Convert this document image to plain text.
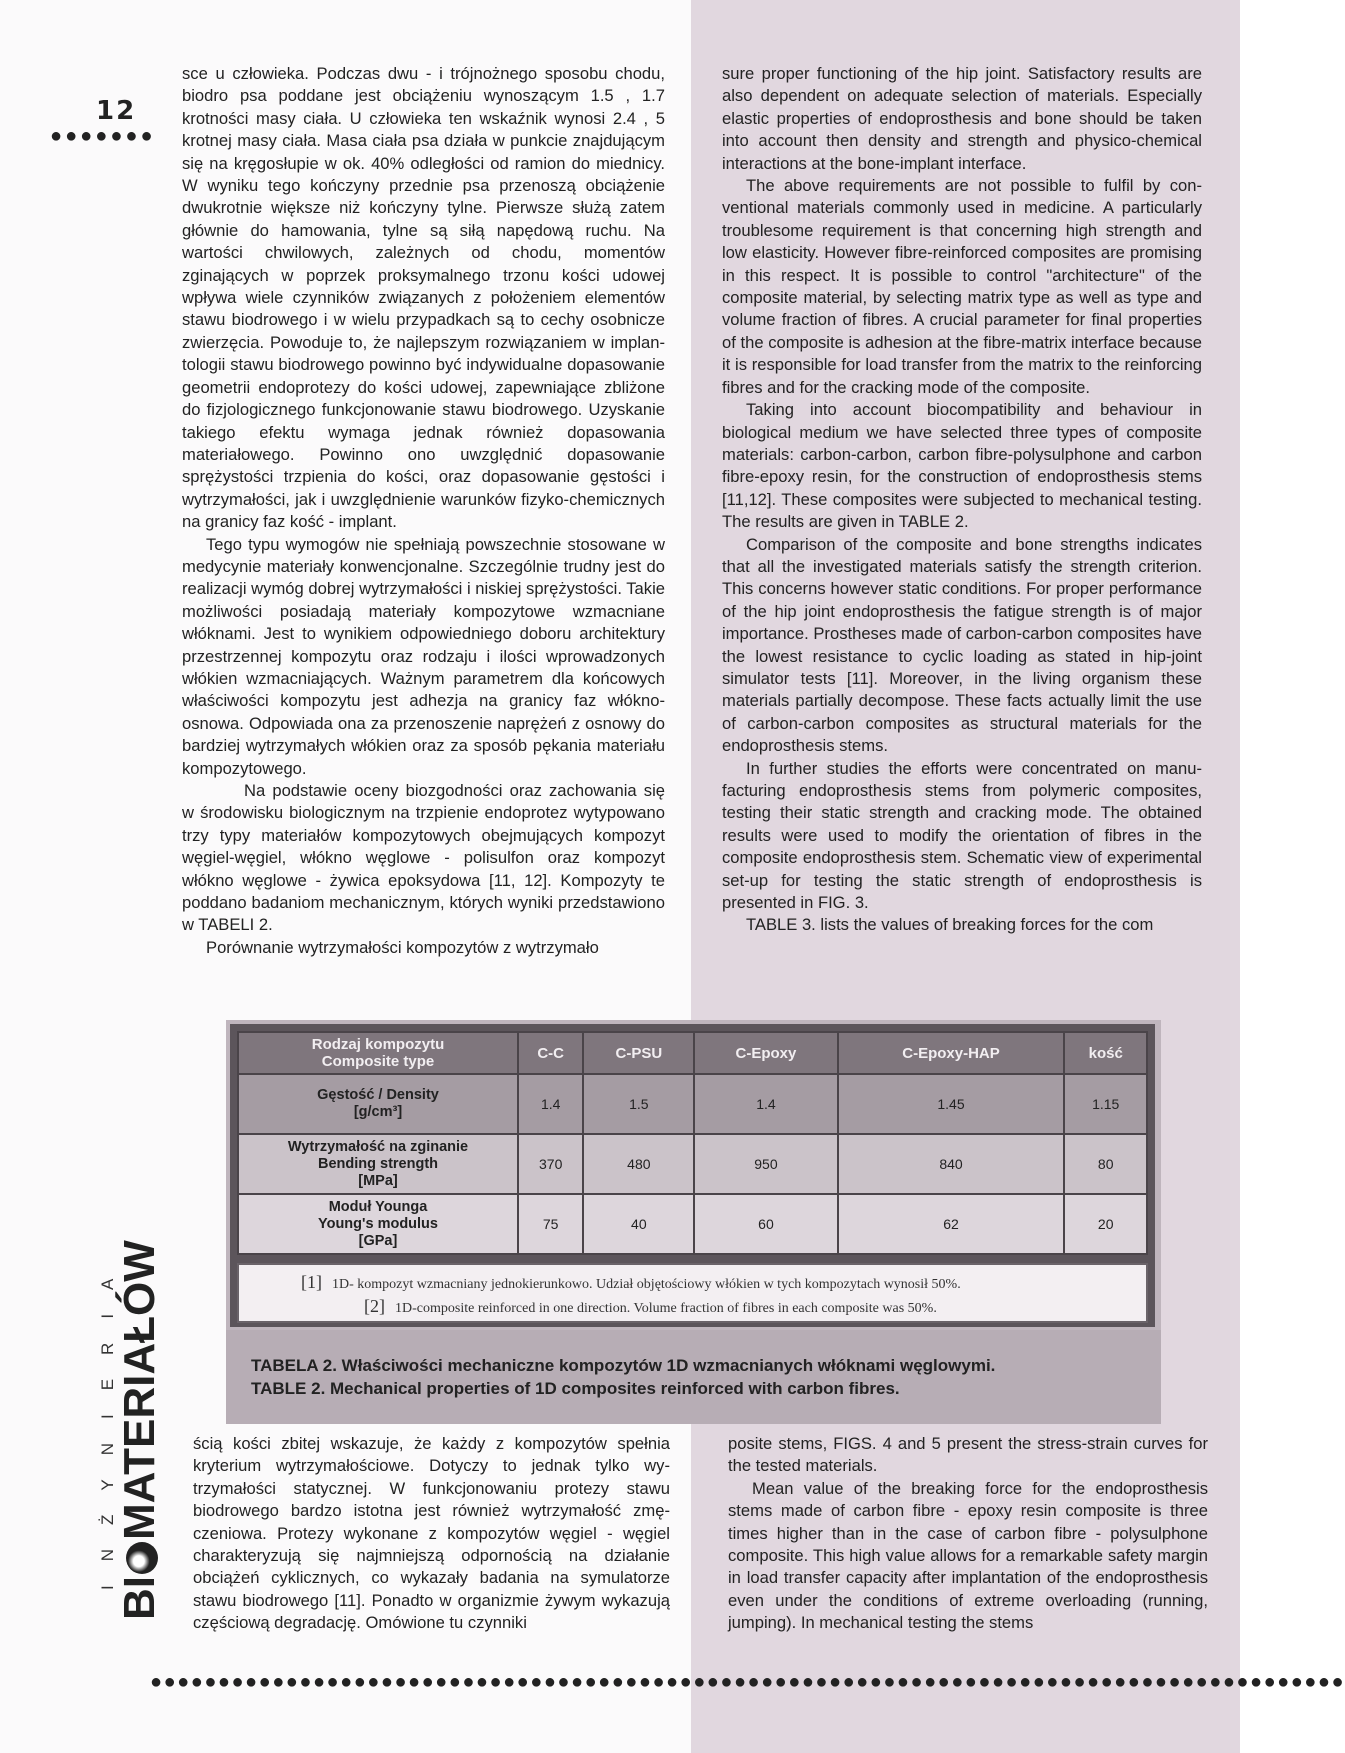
12
●●●●●●●

sce u człowieka. Podczas dwu - i trójnożnego sposobu chodu, biodro psa poddane jest obciążeniu wynoszącym 1.5 , 1.7 krotności masy ciała. U człowieka ten wskaźnik wynosi 2.4 , 5 krotnej masy ciała. Masa ciała psa działa w punkcie znajdującym się na kręgosłupie w ok. 40% odległości od ramion do miednicy. W wyniku tego kończyny przednie psa przenoszą obciążenie dwukrotnie większe niż kończyny tylne. Pierwsze służą zatem głównie do hamowania, tylne są siłą napędową ruchu. Na wartości chwilowych, zależnych od chodu, momentów zginających w poprzek proksymalnego trzonu kości udowej wpływa wiele czynników związanych z położeniem elementów stawu biodrowego i w wielu przypadkach są to cechy osobnicze zwierzęcia. Powoduje to, że najlepszym rozwiązaniem w implantologii stawu biodrowego powinno być indywidualne dopasowanie geometrii endoprotezy do kości udowej, zapewniające zbliżone do fizjologicznego funkcjonowanie stawu biodrowego. Uzyskanie takiego efektu wymaga jednak również dopasowania materiałowego. Powinno ono uwzględnić dopasowanie sprężystości trzpienia do kości, oraz dopasowanie gęstości i wytrzymałości, jak i uwzględnienie warunków fizyko-chemicznych na granicy faz kość - implant.

Tego typu wymogów nie spełniają powszechnie stosowane w medycynie materiały konwencjonalne. Szczególnie trudny jest do realizacji wymóg dobrej wytrzymałości i niskiej sprężystości. Takie możliwości posiadają materiały kompozytowe wzmacniane włóknami. Jest to wynikiem odpowiedniego doboru architektury przestrzennej kompozytu oraz rodzaju i ilości wprowadzonych włókien wzmacniających. Ważnym parametrem dla końcowych właściwości kompozytu jest adhezja na granicy faz włókno-osnowa. Odpowiada ona za przenoszenie naprężeń z osnowy do bardziej wytrzymałych włókien oraz za sposób pękania materiału kompozytowego.

Na podstawie oceny biozgodności oraz zachowania się w środowisku biologicznym na trzpienie endoprotez wytypowano trzy typy materiałów kompozytowych obejmujących kompozyt węgiel-węgiel, włókno węglowe - polisulfon oraz kompozyt włókno węglowe - żywica epoksydowa [11, 12]. Kompozyty te poddano badaniom mechanicznym, których wyniki przedstawiono w TABELI 2.

Porównanie wytrzymałości kompozytów z wytrzymało

sure proper functioning of the hip joint. Satisfactory results are also dependent on adequate selection of materials. Especially elastic properties of endoprosthesis and bone should be taken into account then density and strength and physico-chemical interactions at the bone-implant interface.

The above requirements are not possible to fulfil by conventional materials commonly used in medicine. A particularly troublesome requirement is that concerning high strength and low elasticity. However fibre-reinforced composites are promising in this respect. It is possible to control "architecture" of the composite material, by selecting matrix type as well as type and volume fraction of fibres. A crucial parameter for final properties of the composite is adhesion at the fibre-matrix interface because it is responsible for load transfer from the matrix to the reinforcing fibres and for the cracking mode of the composite.

Taking into account biocompatibility and behaviour in biological medium we have selected three types of composite materials: carbon-carbon, carbon fibre-polysulphone and carbon fibre-epoxy resin, for the construction of endoprosthesis stems [11,12]. These composites were subjected to mechanical testing. The results are given in TABLE 2.

Comparison of the composite and bone strengths indicates that all the investigated materials satisfy the strength criterion. This concerns however static conditions. For proper performance of the hip joint endoprosthesis the fatigue strength is of major importance. Prostheses made of carbon-carbon composites have the lowest resistance to cyclic loading as stated in hip-joint simulator tests [11]. Moreover, in the living organism these materials partially decompose. These facts actually limit the use of carbon-carbon composites as structural materials for the endoprosthesis stems.

In further studies the efforts were concentrated on manufacturing endoprosthesis stems from polymeric composites, testing their static strength and cracking mode. The obtained results were used to modify the orientation of fibres in the composite endoprosthesis stem. Schematic view of experimental set-up for testing the static strength of endoprosthesis is presented in FIG. 3.

TABLE 3. lists the values of breaking forces for the com

Rodzaj kompozytu
Composite type	C-C	C-PSU	C-Epoxy	C-Epoxy-HAP	kość
Gęstość / Density
[g/cm³]	1.4	1.5	1.4	1.45	1.15
Wytrzymałość na zginanie
Bending strength
[MPa]	370	480	950	840	80
Moduł Younga
Young's modulus
[GPa]	75	40	60	62	20
[1] 1D- kompozyt wzmacniany jednokierunkowo. Udział objętościowy włókien w tych kompozytach wynosił 50%.
[2] 1D-composite reinforced in one direction. Volume fraction of fibres in each composite was 50%.
TABELA 2. Właściwości mechaniczne kompozytów 1D wzmacnianych włóknami węglowymi.
TABLE 2. Mechanical properties of 1D composites reinforced with carbon fibres.

ścią kości zbitej wskazuje, że każdy z kompozytów spełnia kryterium wytrzymałościowe. Dotyczy to jednak tylko wytrzymałości statycznej. W funkcjonowaniu protezy stawu biodrowego bardzo istotna jest również wytrzymałość zmęczeniowa. Protezy wykonane z kompozytów węgiel - węgiel charakteryzują się najmniejszą odpornością na działanie obciążeń cyklicznych, co wykazały badania na symulatorze stawu biodrowego [11]. Ponadto w organizmie żywym wykazują częściową degradację. Omówione tu czynniki

posite stems, FIGS. 4 and 5 present the stress-strain curves for the tested materials.

Mean value of the breaking force for the endoprosthesis stems made of carbon fibre - epoxy resin composite is three times higher than in the case of carbon fibre - polysulphone composite. This high value allows for a remarkable safety margin in load transfer capacity after implantation of the endoprosthesis even under the conditions of extreme overloading (running, jumping). In mechanical testing the stems

INŻYNIERIA
BIMATERIAŁÓW
●●●●●●●●●●●●●●●●●●●●●●●●●●●●●●●●●●●●●●●●●●●●●●●●●●●●●●●●●●●●●●●●●●●●●●●●●●●●●●●●●●●●●●●●
